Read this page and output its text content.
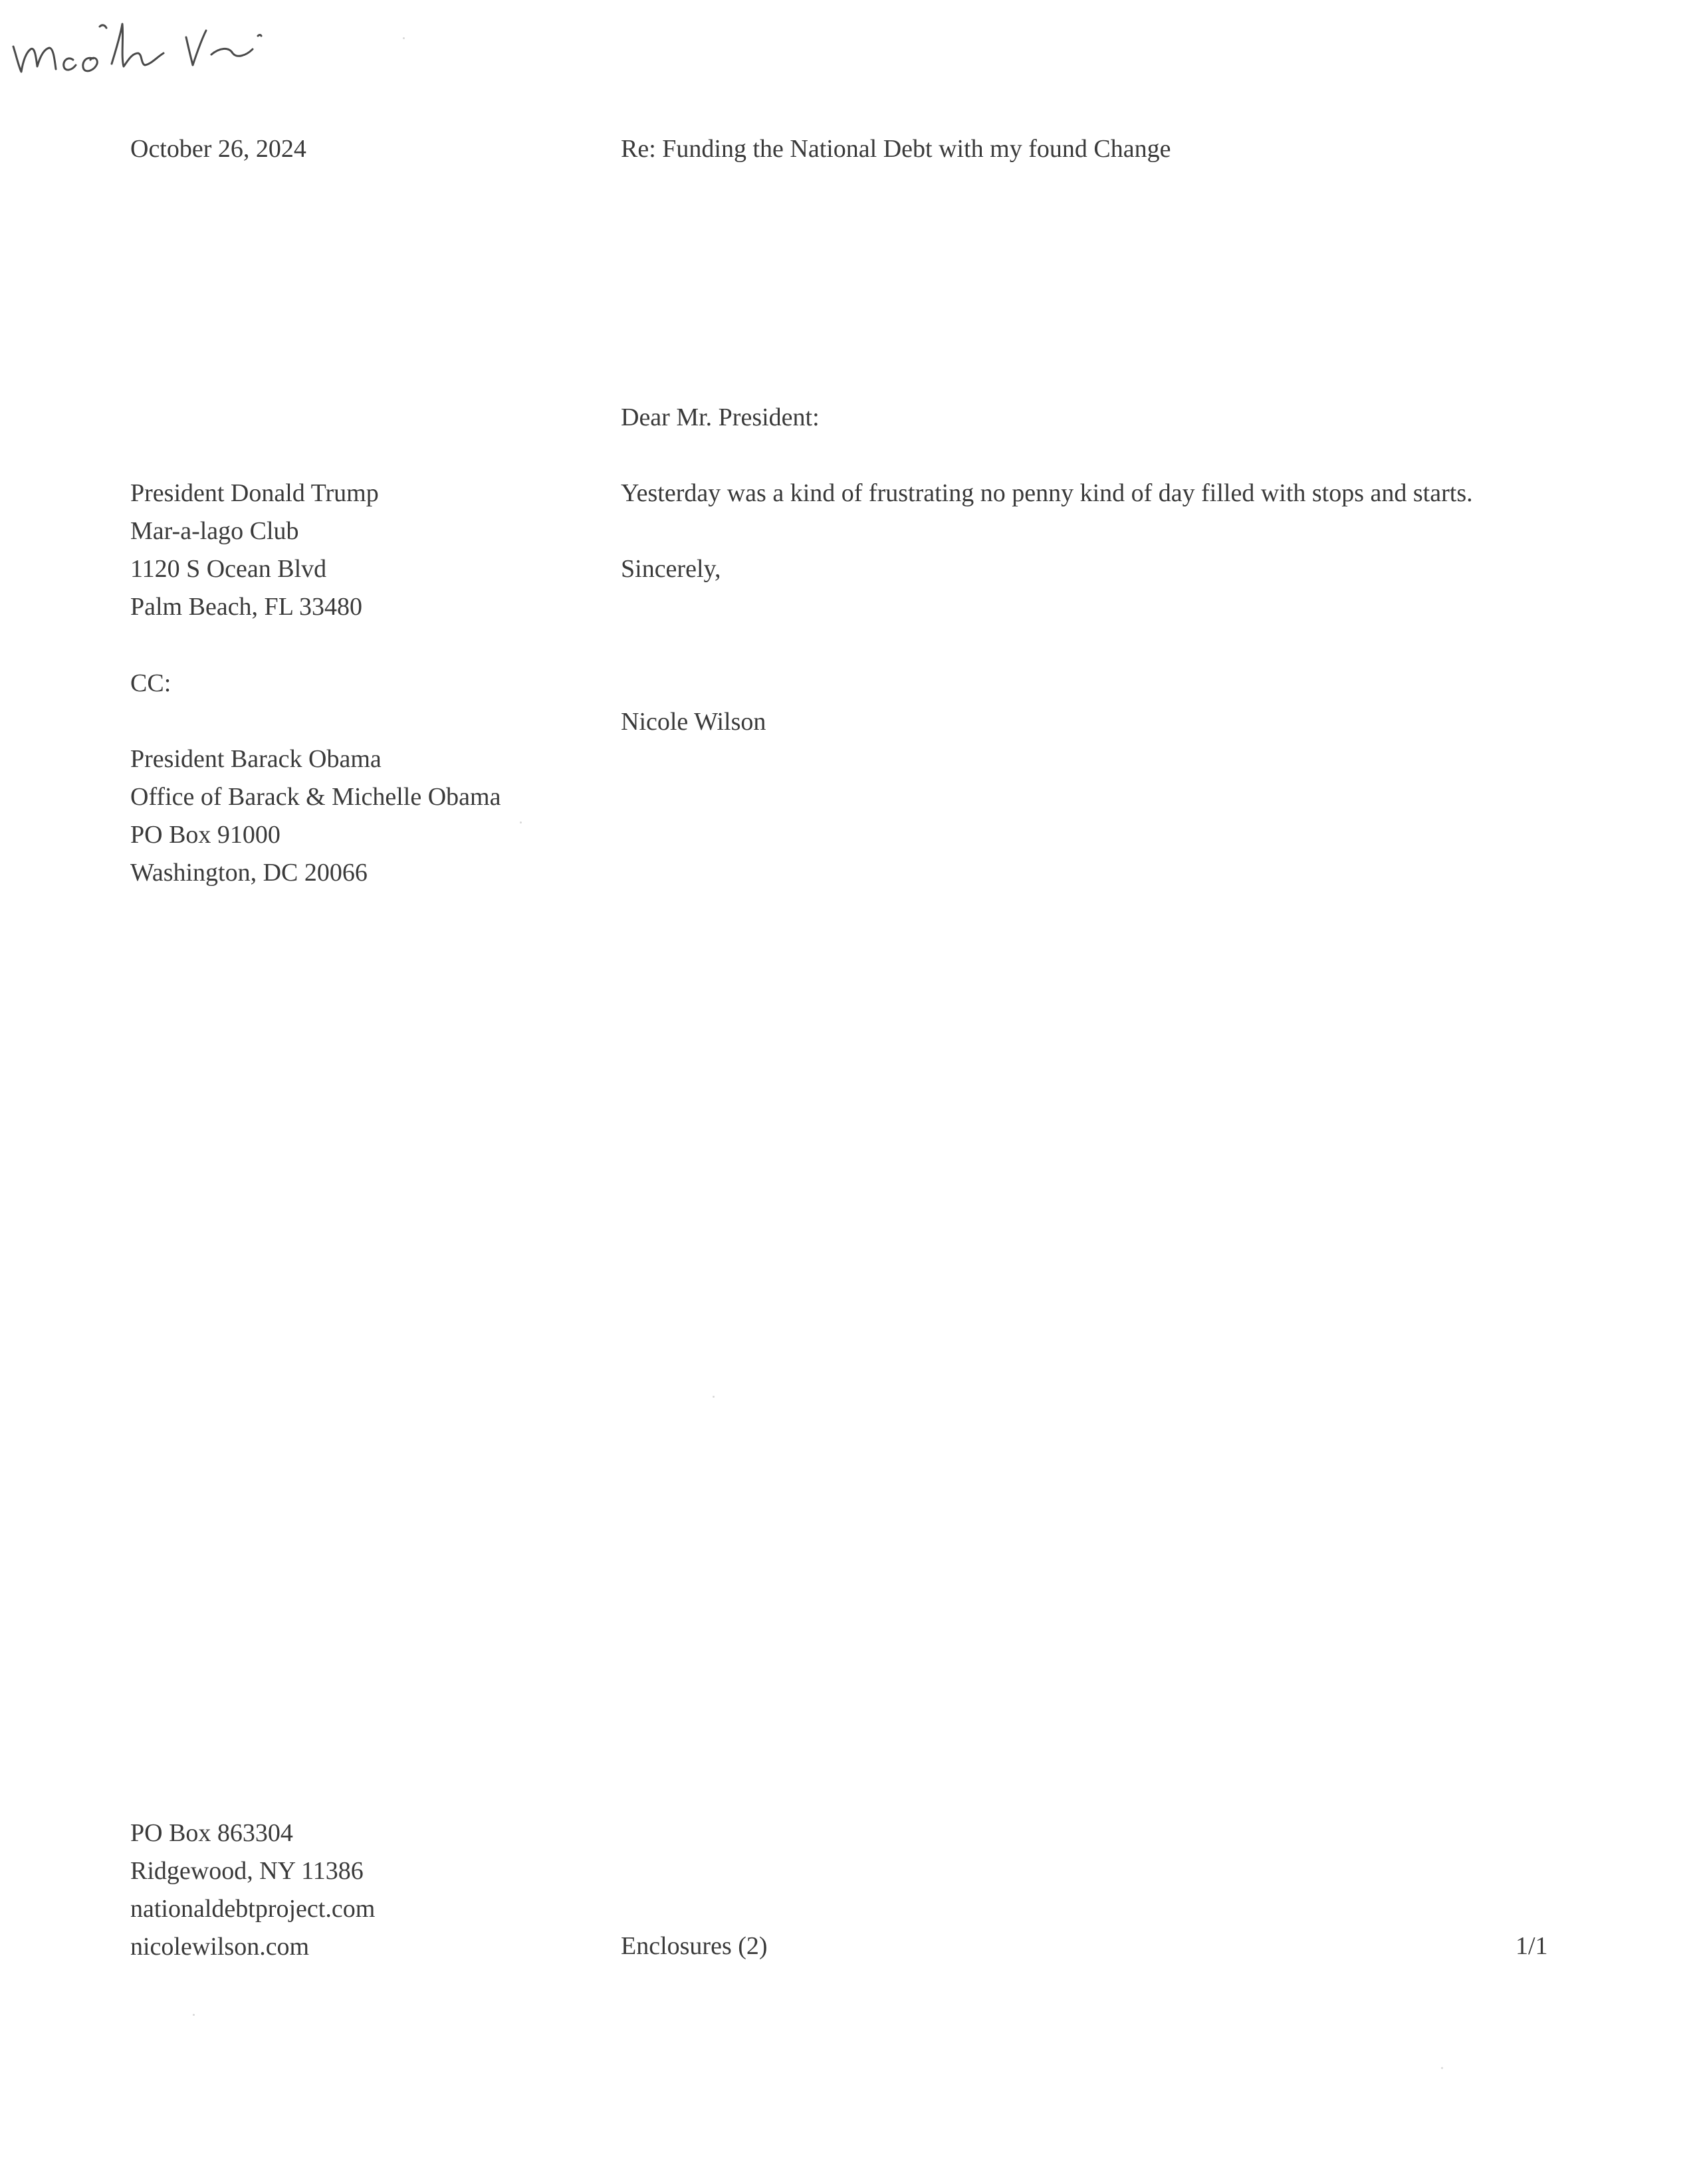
October 26, 2024	Re: Funding the National Debt with my found Change
President Donald Trump
Mar-a-lago Club
1120 S Ocean Blvd
Palm Beach, FL 33480
CC:
President Barack Obama
Office of Barack & Michelle Obama
PO Box 91000
Washington, DC 20066
Dear Mr. President:
Yesterday was a kind of frustrating no penny kind of day filled with stops and starts.
Sincerely,
Nicole Wilson
PO Box 863304
Ridgewood, NY 11386
nationaldebtproject.com
nicolewilson.com	Enclosures (2)	1/1
